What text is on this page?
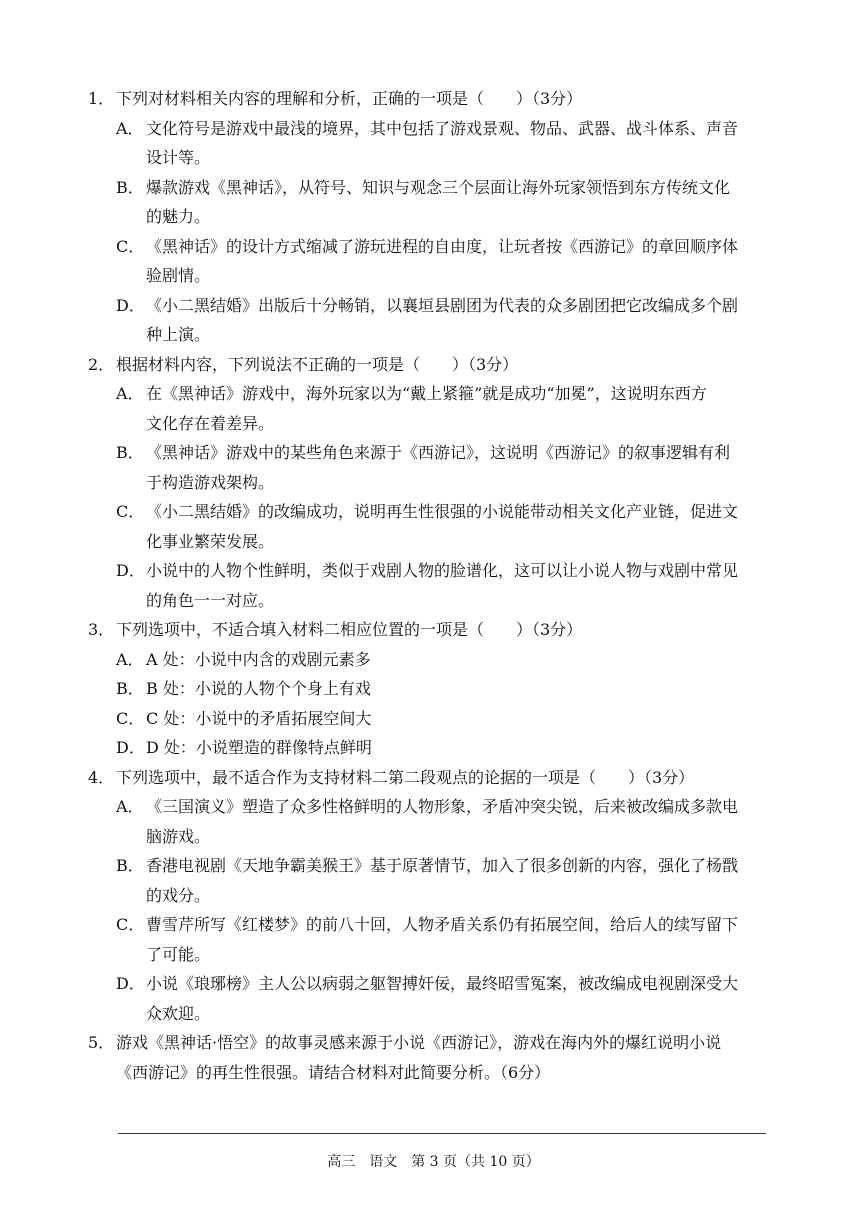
1． 下列对材料相关内容的理解和分析，正确的一项是（　　）（3分）
A． 文化符号是游戏中最浅的境界，其中包括了游戏景观、物品、武器、战斗体系、声音
设计等。
B． 爆款游戏《黑神话》，从符号、知识与观念三个层面让海外玩家领悟到东方传统文化
的魅力。
C． 《黑神话》的设计方式缩减了游玩进程的自由度，让玩者按《西游记》的章回顺序体
验剧情。
D． 《小二黑结婚》出版后十分畅销，以襄垣县剧团为代表的众多剧团把它改编成多个剧
种上演。
2． 根据材料内容，下列说法不正确的一项是（　　）（3分）
A． 在《黑神话》游戏中，海外玩家以为“戴上紧箍”就是成功“加冕”，这说明东西方
文化存在着差异。
B． 《黑神话》游戏中的某些角色来源于《西游记》，这说明《西游记》的叙事逻辑有利
于构造游戏架构。
C． 《小二黑结婚》的改编成功，说明再生性很强的小说能带动相关文化产业链，促进文
化事业繁荣发展。
D． 小说中的人物个性鲜明，类似于戏剧人物的脸谱化，这可以让小说人物与戏剧中常见
的角色一一对应。
3． 下列选项中，不适合填入材料二相应位置的一项是（　　）（3分）
A． A 处：小说中内含的戏剧元素多
B． B 处：小说的人物个个身上有戏
C． C 处：小说中的矛盾拓展空间大
D． D 处：小说塑造的群像特点鲜明
4． 下列选项中，最不适合作为支持材料二第二段观点的论据的一项是（　　）（3分）
A． 《三国演义》塑造了众多性格鲜明的人物形象，矛盾冲突尖锐，后来被改编成多款电
脑游戏。
B． 香港电视剧《天地争霸美猴王》基于原著情节，加入了很多创新的内容，强化了杨戬
的戏分。
C． 曹雪芹所写《红楼梦》的前八十回，人物矛盾关系仍有拓展空间，给后人的续写留下
了可能。
D． 小说《琅琊榜》主人公以病弱之躯智搏奸佞，最终昭雪冤案，被改编成电视剧深受大
众欢迎。
5． 游戏《黑神话·悟空》的故事灵感来源于小说《西游记》，游戏在海内外的爆红说明小说
《西游记》的再生性很强。请结合材料对此简要分析。（6分）
高三　语文　第 3 页（共 10 页）
